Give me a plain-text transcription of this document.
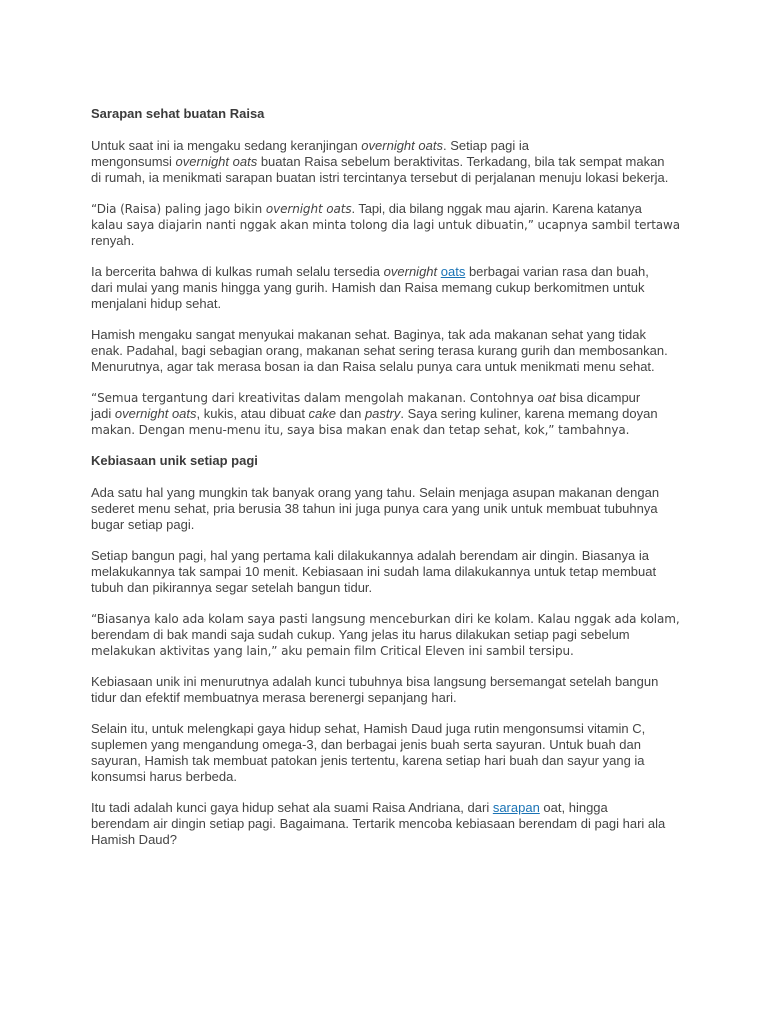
Sarapan sehat buatan Raisa
Untuk saat ini ia mengaku sedang keranjingan overnight oats. Setiap pagi ia
mengonsumsi overnight oats buatan Raisa sebelum beraktivitas. Terkadang, bila tak sempat makan
di rumah, ia menikmati sarapan buatan istri tercintanya tersebut di perjalanan menuju lokasi bekerja.
“Dia (Raisa) paling jago bikin overnight oats. Tapi, dia bilang nggak mau ajarin. Karena katanya
kalau saya diajarin nanti nggak akan minta tolong dia lagi untuk dibuatin,” ucapnya sambil tertawa
renyah.
Ia bercerita bahwa di kulkas rumah selalu tersedia overnight oats berbagai varian rasa dan buah,
dari mulai yang manis hingga yang gurih. Hamish dan Raisa memang cukup berkomitmen untuk
menjalani hidup sehat.
Hamish mengaku sangat menyukai makanan sehat. Baginya, tak ada makanan sehat yang tidak
enak. Padahal, bagi sebagian orang, makanan sehat sering terasa kurang gurih dan membosankan.
Menurutnya, agar tak merasa bosan ia dan Raisa selalu punya cara untuk menikmati menu sehat.
“Semua tergantung dari kreativitas dalam mengolah makanan. Contohnya oat bisa dicampur
jadi overnight oats, kukis, atau dibuat cake dan pastry. Saya sering kuliner, karena memang doyan
makan. Dengan menu-menu itu, saya bisa makan enak dan tetap sehat, kok,” tambahnya.
Kebiasaan unik setiap pagi
Ada satu hal yang mungkin tak banyak orang yang tahu. Selain menjaga asupan makanan dengan
sederet menu sehat, pria berusia 38 tahun ini juga punya cara yang unik untuk membuat tubuhnya
bugar setiap pagi.
Setiap bangun pagi, hal yang pertama kali dilakukannya adalah berendam air dingin. Biasanya ia
melakukannya tak sampai 10 menit. Kebiasaan ini sudah lama dilakukannya untuk tetap membuat
tubuh dan pikirannya segar setelah bangun tidur.
“Biasanya kalo ada kolam saya pasti langsung menceburkan diri ke kolam. Kalau nggak ada kolam,
berendam di bak mandi saja sudah cukup. Yang jelas itu harus dilakukan setiap pagi sebelum
melakukan aktivitas yang lain,” aku pemain film Critical Eleven ini sambil tersipu.
Kebiasaan unik ini menurutnya adalah kunci tubuhnya bisa langsung bersemangat setelah bangun
tidur dan efektif membuatnya merasa berenergi sepanjang hari.
Selain itu, untuk melengkapi gaya hidup sehat, Hamish Daud juga rutin mengonsumsi vitamin C,
suplemen yang mengandung omega-3, dan berbagai jenis buah serta sayuran. Untuk buah dan
sayuran, Hamish tak membuat patokan jenis tertentu, karena setiap hari buah dan sayur yang ia
konsumsi harus berbeda.
Itu tadi adalah kunci gaya hidup sehat ala suami Raisa Andriana, dari sarapan oat, hingga
berendam air dingin setiap pagi. Bagaimana. Tertarik mencoba kebiasaan berendam di pagi hari ala
Hamish Daud?
